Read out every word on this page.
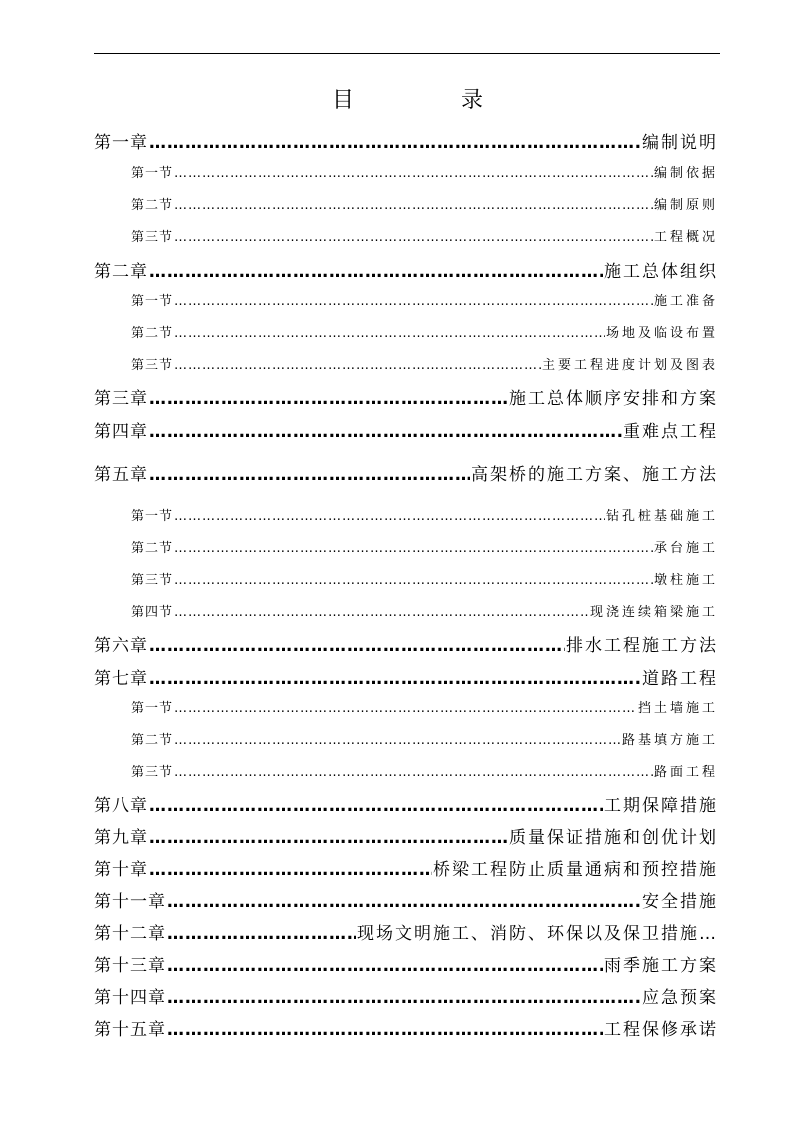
目	录
第一章 …………………………………………………………………………………………………………………………………………	编制说明
第一节 …………………………………………………………………………………………………………………………………………	编制依据
第二节 …………………………………………………………………………………………………………………………………………	编制原则
第三节 …………………………………………………………………………………………………………………………………………	工程概况
第二章 …………………………………………………………………………………………………………………………………………	施工总体组织
第一节 …………………………………………………………………………………………………………………………………………	施工准备
第二节 …………………………………………………………………………………………………………………………………………	场地及临设布置
第三节 …………………………………………………………………………………………………………………………………………	主要工程进度计划及图表
第三章 …………………………………………………………………………………………………………………………………………	施工总体顺序安排和方案
第四章 …………………………………………………………………………………………………………………………………………	重难点工程
第五章 …………………………………………………………………………………………………………………………………………	高架桥的施工方案、施工方法
第一节 …………………………………………………………………………………………………………………………………………	钻孔桩基础施工
第二节 …………………………………………………………………………………………………………………………………………	承台施工
第三节 …………………………………………………………………………………………………………………………………………	墩柱施工
第四节 …………………………………………………………………………………………………………………………………………	现浇连续箱梁施工
第六章 …………………………………………………………………………………………………………………………………………	排水工程施工方法
第七章 …………………………………………………………………………………………………………………………………………	道路工程
第一节 …………………………………………………………………………………………………………………………………………	挡土墙施工
第二节 …………………………………………………………………………………………………………………………………………	路基填方施工
第三节 …………………………………………………………………………………………………………………………………………	路面工程
第八章 …………………………………………………………………………………………………………………………………………	工期保障措施
第九章 …………………………………………………………………………………………………………………………………………	质量保证措施和创优计划
第十章 …………………………………………………………………………………………………………………………………………	桥梁工程防止质量通病和预控措施
第十一章 …………………………………………………………………………………………………………………………………………	安全措施
第十二章 …………………………………………………………………………………………………………………………………………	现场文明施工、消防、环保以及保卫措施…
第十三章 …………………………………………………………………………………………………………………………………………	雨季施工方案
第十四章 …………………………………………………………………………………………………………………………………………	应急预案
第十五章 …………………………………………………………………………………………………………………………………………	工程保修承诺
